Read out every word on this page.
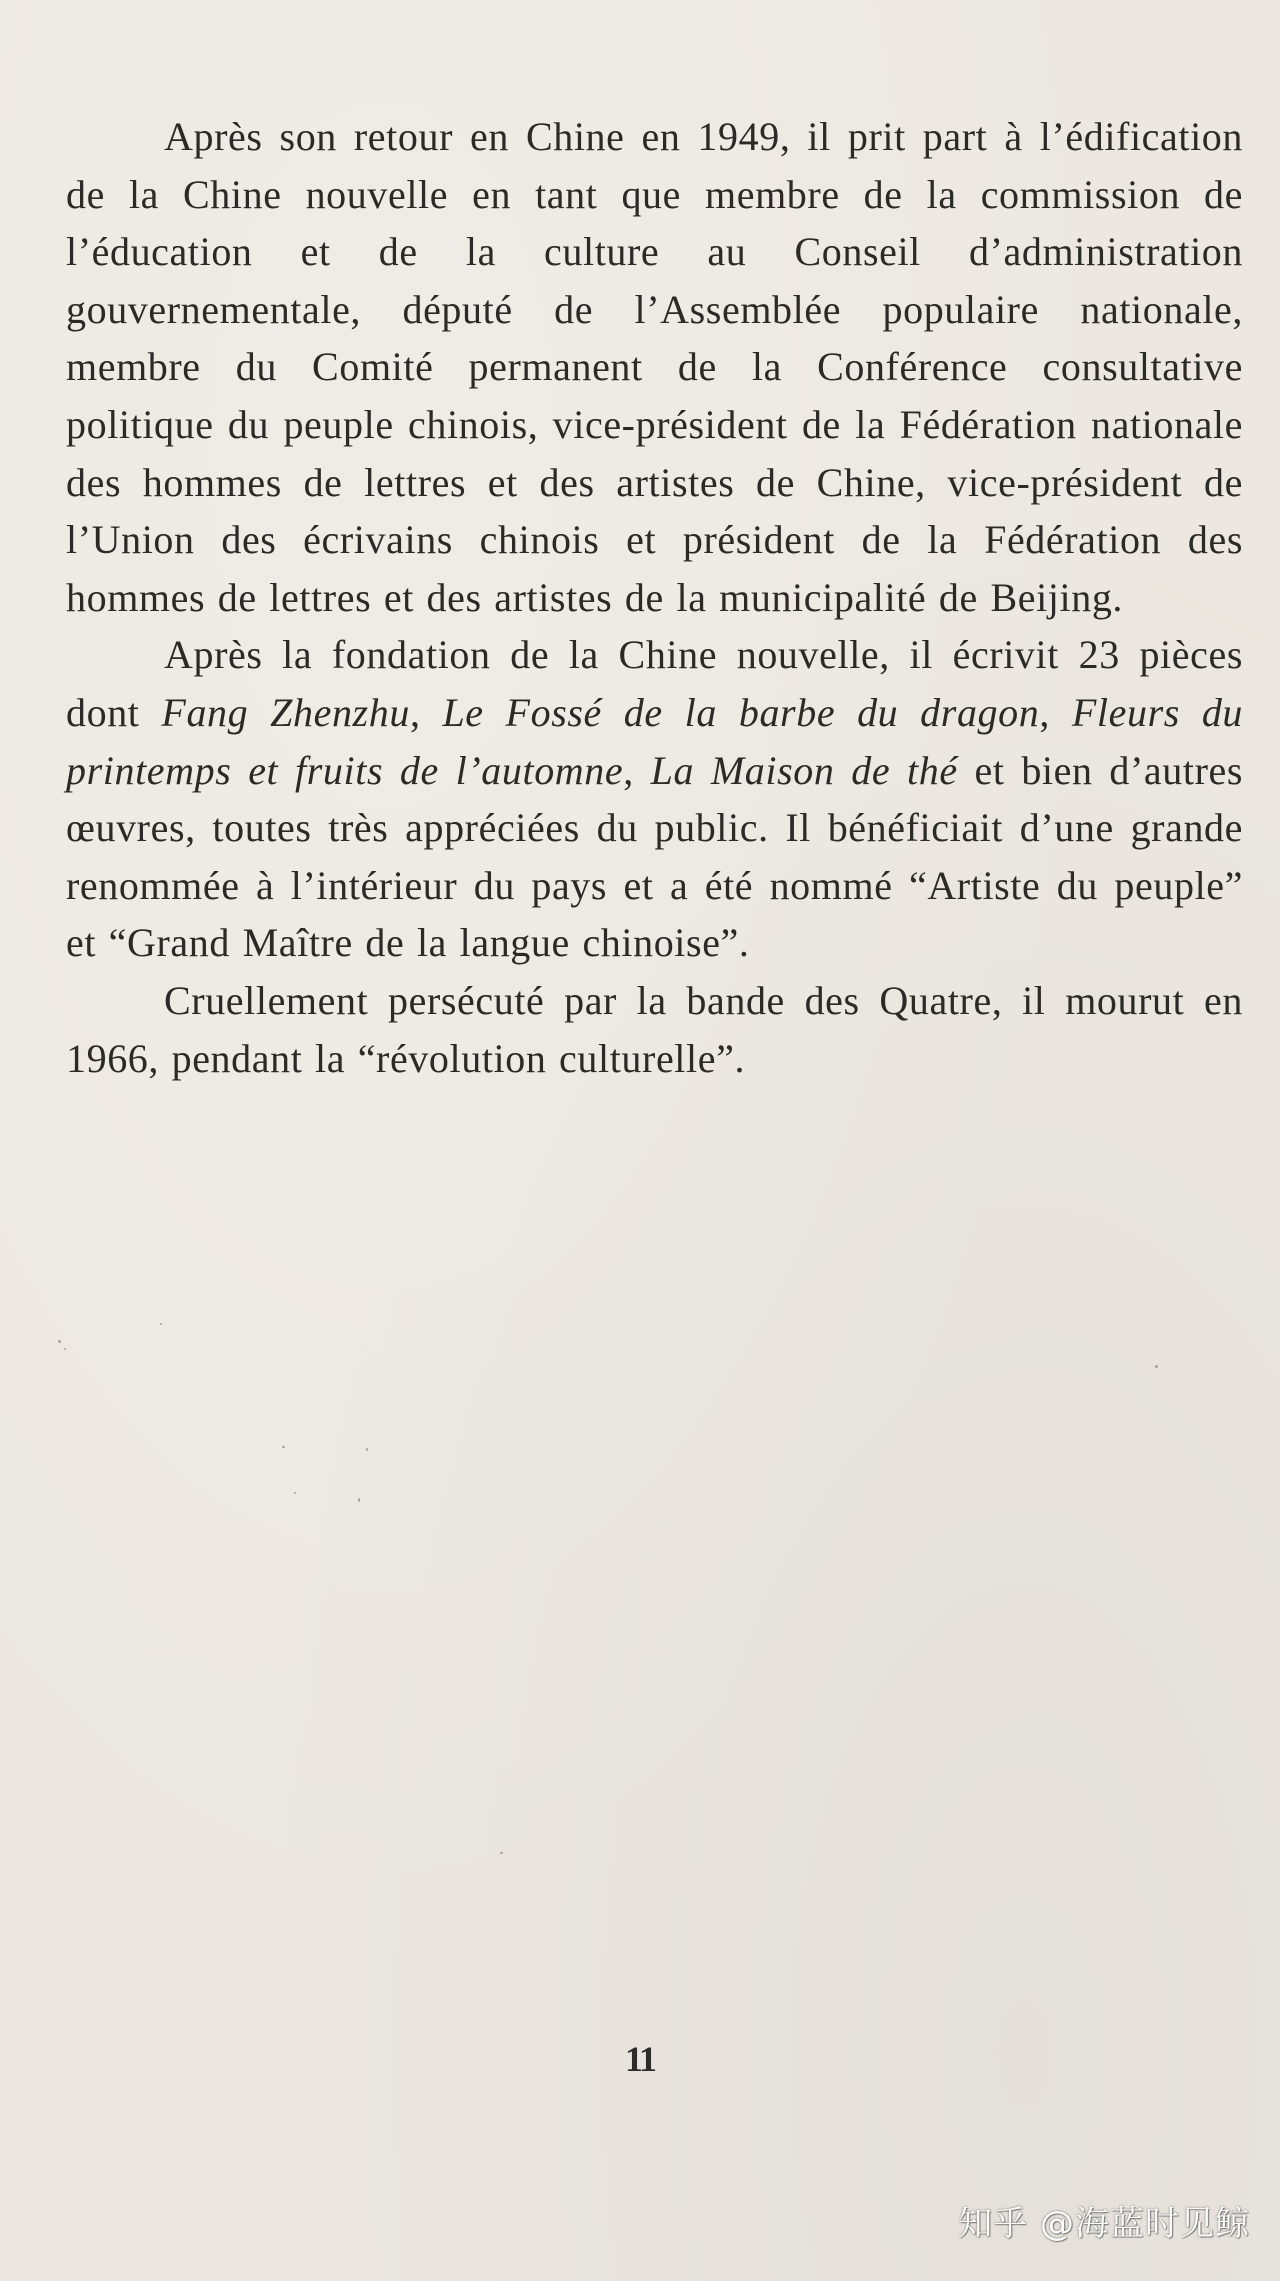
Après son retour en Chine en 1949, il prit part à l’édification de la Chine nouvelle en tant que membre de la commission de l’éducation et de la culture au Conseil d’administration gouvernementale, député de l’Assemblée populaire nationale, membre du Comité permanent de la Conférence consultative politique du peuple chinois, vice-président de la Fédération nationale des hommes de lettres et des artistes de Chine, vice-président de l’Union des écrivains chinois et président de la Fédération des hommes de lettres et des artistes de la municipalité de Beijing.

Après la fondation de la Chine nouvelle, il écrivit 23 pièces dont Fang Zhenzhu, Le Fossé de la barbe du dragon, Fleurs du printemps et fruits de l’automne, La Maison de thé et bien d’autres œuvres, toutes très appréciées du public. Il bénéficiait d’une grande renommée à l’intérieur du pays et a été nommé “Artiste du peuple” et “Grand Maître de la langue chinoise”.

Cruellement persécuté par la bande des Quatre, il mourut en 1966, pendant la “révolution culturelle”.

11
知乎 @海蓝时见鲸
